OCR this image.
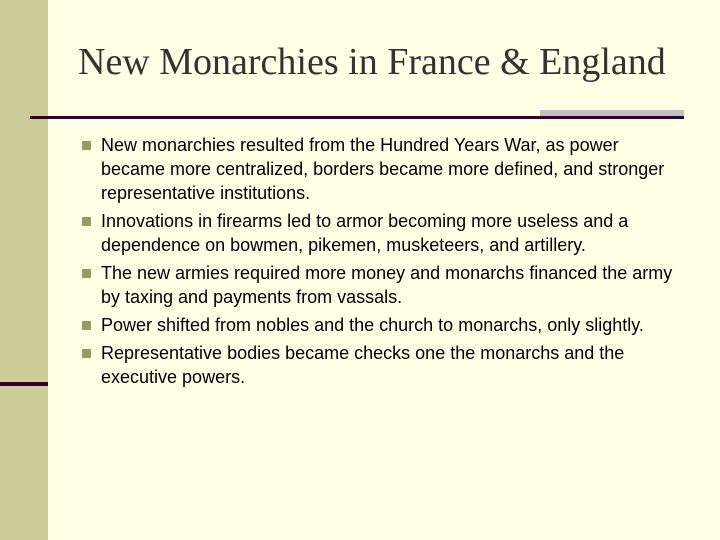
New Monarchies in France & England
New monarchies resulted from the Hundred Years War, as power became more centralized, borders became more defined, and stronger representative institutions.
Innovations in firearms led to armor becoming more useless and a dependence on bowmen, pikemen, musketeers, and artillery.
The new armies required more money and monarchs financed the army by taxing and payments from vassals.
Power shifted from nobles and the church to monarchs, only slightly.
Representative bodies became checks one the monarchs and the executive powers.
